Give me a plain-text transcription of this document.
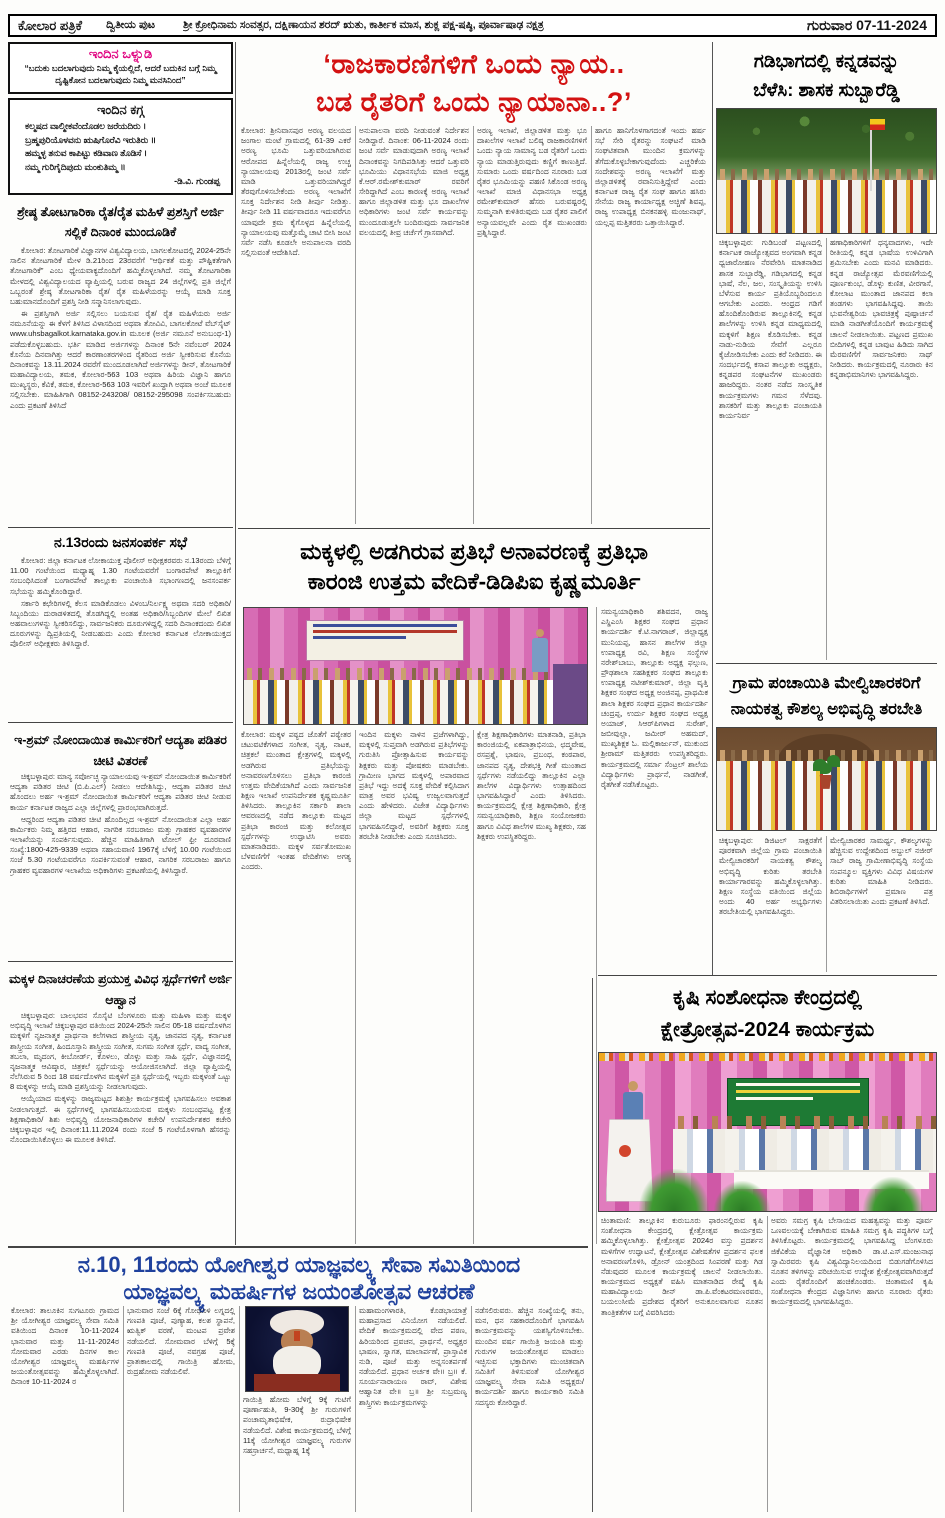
ಕೋಲಾರ ಪತ್ರಿಕೆ ದ್ವಿತೀಯ ಪುಟ	ಶ್ರೀ ಕ್ರೋಧಿನಾಮ ಸಂವತ್ಸರ, ದಕ್ಷಿಣಾಯನ ಶರದ್ ಋತು, ಕಾರ್ತೀಕ ಮಾಸ, ಶುಕ್ಲ ಪಕ್ಷ-ಷಷ್ಠಿ, ಪೂರ್ವಾಷಾಢ ನಕ್ಷತ್ರ	ಗುರುವಾರ 07-11-2024
ಇಂದಿನ ಒಳ್ನುಡಿ
“ಬದುಕು ಬದಲಾಗುವುದು ನಿಮ್ಮ ಕೈಯಲ್ಲಿದೆ, ಆದರೆ ಬದುಕಿನ ಬಗ್ಗೆ ನಿಮ್ಮ ದೃಷ್ಟಿಕೋನ ಬದಲಾಗುವುದು ನಿಮ್ಮ ಮನಸಿನಿಂದ”
ಇಂದಿನ ಕಗ್ಗ
ಕಲ್ಮಷದ ವಾಲ್ಮೀಕವೆಂದೊಡಲ ಜರೆಯದಿರು ।
ಬ್ರಹ್ಮಪುರಿಯೊಳವನು ಋಷಿಗೊರೆವಿ ಇರುತಿರು ॥
ಹಮ್ಮಳ್ಳ ತನುವ ಕಾಪಿಟ್ಟು ಕಡಿವಾಣ ತೊಡಿಸೆ ।
ನಮ್ಮ ಗುರಿಗೈದಿಪುದು ಮಂಕುತಿಮ್ಮ ॥
-ಡಿ.ವಿ. ಗುಂಡಪ್ಪ
ಶ್ರೇಷ್ಠ ತೋಟಗಾರಿಕಾ ರೈತ/ರೈತ ಮಹಿಳೆ ಪ್ರಶಸ್ತಿಗೆ ಅರ್ಜಿ ಸಲ್ಲಿಕೆ ದಿನಾಂಕ ಮುಂದೂಡಿಕೆ

ಕೋಲಾರ: ತೋಟಗಾರಿಕೆ ವಿಜ್ಞಾನಗಳ ವಿಶ್ವವಿದ್ಯಾಲಯ, ಬಾಗಲಕೋಟದಲ್ಲಿ 2024-25ನೇ ಸಾಲಿನ ತೋಟಗಾರಿಕೆ ಮೇಳ ಡಿ.21ರಿಂದ 23ರವರೆಗೆ “ಆರ್ಥಿಕತೆ ಮತ್ತು ಪೌಷ್ಟಿಕತೆಗಾಗಿ ತೋಟಗಾರಿಕೆ” ಎಂಬ ಧ್ಯೇಯವಾಕ್ಯದೊಂದಿಗೆ ಹಮ್ಮಿಕೊಳ್ಳಲಾಗಿದೆ. ನಮ್ಮ ತೋಟಗಾರಿಕಾ ಮೇಳದಲ್ಲಿ ವಿಶ್ವವಿದ್ಯಾಲಯದ ವ್ಯಾಪ್ತಿಯಲ್ಲಿ ಬರುವ ರಾಜ್ಯದ 24 ಜಿಲ್ಲೆಗಳಲ್ಲಿ ಪ್ರತಿ ಜಿಲ್ಲೆಗೆ ಒಬ್ಬರಂತೆ ಶ್ರೇಷ್ಠ ತೋಟಗಾರಿಕಾ ರೈತ/ ರೈತ ಮಹಿಳೆಯರನ್ನು ಆಯ್ಕೆ ಮಾಡಿ ಸೂಕ್ತ ಬಹುಮಾನದೊಂದಿಗೆ ಪ್ರಶಸ್ತಿ ನೀಡಿ ಸನ್ಮಾನಿಸಲಾಗುವುದು.

ಈ ಪ್ರಶಸ್ತಿಗಾಗಿ ಅರ್ಜಿ ಸಲ್ಲಿಸಲು ಬಯಸುವ ರೈತ/ ರೈತ ಮಹಿಳೆಯರು ಅರ್ಜಿ ನಮೂನೆಯನ್ನು ಈ ಕೆಳಗೆ ತಿಳಿಸಿದ ವಿಳಾಸದಿಂದ ಅಥವಾ ತೋವಿವಿ, ಬಾಗಲಕೋಟೆ ವೆಬ್‌ಸೈಟ್ www.uhsbagalkot.karnataka.gov.in ಮೂಲಕ (ಅರ್ಜಿ ನಮೂನೆ ಅನುಬಂಧ-1) ಪಡೆದುಕೊಳ್ಳಬಹುದು. ಭರ್ತಿ ಮಾಡಿದ ಅರ್ಜಿಗಳನ್ನು ದಿನಾಂಕ 5ನೇ ನವೆಂಬರ್ 2024 ಕೊನೆಯ ದಿನವಾಗಿತ್ತು ಆದರೆ ಕಾರಣಾಂತರಗಳಿಂದ ರೈತರಿಂದ ಅರ್ಜಿ ಸ್ವೀಕರಿಸುವ ಕೊನೆಯ ದಿನಾಂಕವನ್ನು 13.11.2024 ರವರೆಗೆ ಮುಂದೂಡಲಾಗಿದೆ ಅರ್ಜಿಗಳನ್ನು ಡೀನ್, ತೋಟಗಾರಿಕೆ ಮಹಾವಿದ್ಯಾಲಯ, ತಮಕ, ಕೋಲಾರ-563 103 ಅಥವಾ ಹಿರಿಯ ವಿಜ್ಞಾನಿ ಹಾಗೂ ಮುಖ್ಯಸ್ಥರು, ಕೆವಿಕೆ, ತಮಕ, ಕೋಲಾರ-563 103 ಇವರಿಗೆ ಖುದ್ದಾಗಿ ಅಥವಾ ಅಂಚೆ ಮೂಲಕ ಸಲ್ಲಿಸಬೇಕು. ಮಾಹಿತಿಗಾಗಿ 08152-243208/ 08152-295098 ಸಂಪರ್ಕಿಸಬಹುದು ಎಂದು ಪ್ರಕಟಣೆ ತಿಳಿಸಿದೆ

ನ.13ರಂದು ಜನಸಂಪರ್ಕ ಸಭೆ

ಕೋಲಾರ: ಜಿಲ್ಲಾ ಕರ್ನಾಟಕ ಲೋಕಾಯುಕ್ತ ಪೊಲೀಸ್ ಅಧೀಕ್ಷಕರವರು ನ.13ರಂದು ಬೆಳಿಗ್ಗೆ 11.00 ಗಂಟೆಯಿಂದ ಮಧ್ಯಾಹ್ನ 1.30 ಗಂಟೆಯವರೆಗೆ ಬಂಗಾರಪೇಟೆ ತಾಲ್ಲೂಕಿಗೆ ಸಂಬಂಧಿಸಿದಂತೆ ಬಂಗಾರಪೇಟೆ ತಾಲ್ಲೂಕು ಪಂಚಾಯಿತಿ ಸಭಾಂಗಣದಲ್ಲಿ ಜನಸಂಪರ್ಕ ಸಭೆಯನ್ನು ಹಮ್ಮಿಕೊಂಡಿದ್ದಾರೆ.

ಸರ್ಕಾರಿ ಕಛೇರಿಗಳಲ್ಲಿ ಕೆಲಸ ಮಾಡಿಕೊಡಲು ವಿಳಂಬ/ನಿರ್ಲಕ್ಷ್ಯ ಅಥವಾ ಸದರಿ ಅಧಿಕಾರಿ/ಸಿಬ್ಬಂದಿಯು ದುರಾಡಳಿತದಲ್ಲಿ ತೊಡಗಿದ್ದಲ್ಲಿ ಅಂತಹ ಅಧಿಕಾರಿ/ಸಿಬ್ಬಂದಿಗಳ ಮೇಲೆ ಲಿಖಿತ ಅಹವಾಲುಗಳನ್ನು ಸ್ವೀಕರಿಸಲಿದ್ದು, ಸಾರ್ವಜನಿಕರು ದೂರುಗಳಿದ್ದಲ್ಲಿ ಸದರಿ ದಿನಾಂಕದಂದು ಲಿಖಿತ ದೂರುಗಳನ್ನು ದ್ವಿಪ್ರತಿಯಲ್ಲಿ ನೀಡಬಹುದು ಎಂದು ಕೋಲಾರ ಕರ್ನಾಟಕ ಲೋಕಾಯುಕ್ತದ ಪೊಲೀಸ್ ಅಧೀಕ್ಷಕರು ತಿಳಿಸಿದ್ದಾರೆ.

ಇ-ಶ್ರಮ್ ನೋಂದಾಯಿತ ಕಾರ್ಮಿಕರಿಗೆ ಆದ್ಯತಾ ಪಡಿತರ ಚೀಟಿ ವಿತರಣೆ

ಚಿಕ್ಕಬಳ್ಳಾಪುರ: ಮಾನ್ಯ ಸರ್ವೋಚ್ಛ ನ್ಯಾಯಾಲಯವು ಇ-ಶ್ರಮ್ ನೋಂದಾಯಿತ ಕಾರ್ಮಿಕರಿಗೆ ಆದ್ಯತಾ ಪಡಿತರ ಚೀಟಿ (ಬಿ.ಪಿ.ಎಲ್) ನೀಡಲು ಆದೇಶಿಸಿದ್ದು, ಆದ್ಯತಾ ಪಡಿತರ ಚೀಟಿ ಹೊಂದಲು ಅರ್ಹ ಇ-ಶ್ರಮ್ ನೋಂದಾಯಿತ ಕಾರ್ಮಿಕರಿಗೆ ಆದ್ಯತಾ ಪಡಿತರ ಚೀಟಿ ನೀಡುವ ಕಾರ್ಯ ಕರ್ನಾಟಕ ರಾಜ್ಯದ ಎಲ್ಲಾ ಜಿಲ್ಲೆಗಳಲ್ಲಿ ಪ್ರಾರಂಭವಾಗಿರುತ್ತದೆ.

ಆದ್ದರಿಂದ ಆದ್ಯತಾ ಪಡಿತರ ಚೀಟಿ ಹೊಂದಿಲ್ಲದ ಇ-ಶ್ರಮ್ ನೋಂದಾಯಿತ ಎಲ್ಲಾ ಅರ್ಹ ಕಾರ್ಮಿಕರು ನಿಮ್ಮ ಹತ್ತಿರದ ಆಹಾರ, ನಾಗರಿಕ ಸರಬರಾಜು ಮತ್ತು ಗ್ರಾಹಕರ ವ್ಯವಹಾರಗಳ ಇಲಾಖೆಯನ್ನು ಸಂಪರ್ಕಿಸುವುದು. ಹೆಚ್ಚಿನ ಮಾಹಿತಿಗಾಗಿ ಟೋಲ್ ಫ್ರೀ ದೂರವಾಣಿ ಸಂಖ್ಯೆ:1800-425-9339 ಅಥವಾ ಸಹಾಯವಾಣಿ 1967ಕ್ಕೆ ಬೆಳಿಗ್ಗೆ 10.00 ಗಂಟೆಯಿಂದ ಸಂಜೆ 5.30 ಗಂಟೆಯವರೆಗೂ ಸಂಪರ್ಕಿಸುವಂತೆ ಆಹಾರ, ನಾಗರಿಕ ಸರಬರಾಜು ಹಾಗೂ ಗ್ರಾಹಕರ ವ್ಯವಹಾರಗಳ ಇಲಾಖೆಯ ಅಧಿಕಾರಿಗಳು ಪ್ರಕಟಣೆಯಲ್ಲಿ ತಿಳಿಸಿದ್ದಾರೆ.

ಮಕ್ಕಳ ದಿನಾಚರಣೆಯ ಪ್ರಯುಕ್ತ ವಿವಿಧ ಸ್ಪರ್ಧೆಗಳಿಗೆ ಅರ್ಜಿ ಆಹ್ವಾನ

ಚಿಕ್ಕಬಳ್ಳಾಪುರ: ಬಾಲಭವನ ಸೊಸೈಟಿ ಬೆಂಗಳೂರು ಮತ್ತು ಮಹಿಳಾ ಮತ್ತು ಮಕ್ಕಳ ಅಭಿವೃದ್ಧಿ ಇಲಾಖೆ ಚಿಕ್ಕಬಳ್ಳಾಪುರ ವತಿಯಿಂದ 2024-25ನೇ ಸಾಲಿನ 05-18 ವರ್ಷದೊಳಗಿನ ಮಕ್ಕಳಿಗೆ ನೃಜನಾತ್ಮಕ ಪ್ರಾರ್ಥನಾ ಕಲೆಗಳಾದ ಶಾಸ್ತ್ರೀಯ ನೃತ್ಯ, ಜಾನಪದ ನೃತ್ಯ, ಕರ್ನಾಟಕ ಶಾಸ್ತ್ರೀಯ ಸಂಗೀತ, ಹಿಂದೂಸ್ತಾನಿ ಶಾಸ್ತ್ರೀಯ ಸಂಗೀತ, ಸುಗಮ ಸಂಗೀತ ಸ್ಪರ್ಧೆ, ವಾದ್ಯ ಸಂಗೀತ, ತಬಲಾ, ಮೃದಂಗ, ಕೀಬೋರ್ಡ್, ಕೊಳಲು, ಡೊಳ್ಳು ಮತ್ತು ಸಾಹಿ ಸ್ಪರ್ಧೆ, ವಿಜ್ಞಾನದಲ್ಲಿ ನೃಜನಾತ್ಮಕ ಆವಿಷ್ಕಾರ, ಚಿತ್ರಕಲೆ ಸ್ಪರ್ಧೆಯನ್ನು ಆಯೋಜಿಸಲಾಗಿದೆ. ಜಿಲ್ಲಾ ವ್ಯಾಪ್ತಿಯಲ್ಲಿ ನೆಲೆಸಿರುವ 5 ರಿಂದ 18 ವರ್ಷದೊಳಗಿನ ಮಕ್ಕಳಿಗೆ ಪ್ರತಿ ಸ್ಪರ್ಧೆಯಲ್ಲಿ ಇಬ್ಬರು ಮಕ್ಕಳಂತೆ ಒಟ್ಟು 8 ಮಕ್ಕಳನ್ನು ಆಯ್ಕೆ ಮಾಡಿ ಪ್ರಶಸ್ತಿಯನ್ನು ನೀಡಲಾಗುವುದು.

ಆಯ್ಕೆಯಾದ ಮಕ್ಕಳನ್ನು ರಾಜ್ಯಮಟ್ಟದ ಶಿಶುಶ್ರೀ ಕಾರ್ಯಕ್ರಮಕ್ಕೆ ಭಾಗವಹಿಸಲು ಅವಕಾಶ ನೀಡಲಾಗುತ್ತದೆ. ಈ ಸ್ಪರ್ಧೆಗಳಲ್ಲಿ ಭಾಗವಹಿಸಬಯಸುವ ಮಕ್ಕಳು ಸಂಬಂಧಪಟ್ಟ ಕ್ಷೇತ್ರ ಶಿಕ್ಷಣಾಧಿಕಾರಿ/ ಶಿಶು ಅಭಿವೃದ್ಧಿ ಯೋಜನಾಧಿಕಾರಿಗಳ ಕಚೇರಿ/ ಉಪನಿರ್ದೇಶಕರ ಕಚೇರಿ ಚಿಕ್ಕಬಳ್ಳಾಪುರ ಇಲ್ಲಿ ದಿನಾಂಕ:11.11.2024 ರಂದು ಸಂಜೆ 5 ಗಂಟೆಯೊಳಗಾಗಿ ಹೆಸರನ್ನು ನೊಂದಾಯಿಸಿಕೊಳ್ಳಲು ಈ ಮೂಲಕ ತಿಳಿಸಿದೆ.

‘ರಾಜಕಾರಣಿಗಳಿಗೆ ಒಂದು ನ್ಯಾಯ..
ಬಡ ರೈತರಿಗೆ ಒಂದು ನ್ಯಾಯಾನಾ..?’
ಕೋಲಾರ: ಶ್ರೀನಿವಾಸಪುರ ಅರಣ್ಯ ವಲಯದ ಜಂಗಾಲ ಮಂಟೆ ಗ್ರಾಮದಲ್ಲಿ 61-39 ಎಕರೆ ಅರಣ್ಯ ಭೂಮಿ ಒತ್ತುವರಿಯಾಗಿರುವ ಆರೋಪದ ಹಿನ್ನೆಲೆಯಲ್ಲಿ ರಾಜ್ಯ ಉಚ್ಚ ನ್ಯಾಯಾಲಯವು 2013ರಲ್ಲಿ ಜಂಟಿ ಸರ್ವೆ ಮಾಡಿ ಒತ್ತುವರಿಯಾಗಿದ್ದರೆ ತೆರವುಗೊಳಿಸಬೇಕೆಂದು ಅರಣ್ಯ ಇಲಾಖೆಗೆ ಸೂಕ್ತ ನಿರ್ದೇಶನ ನೀಡಿ ತೀರ್ಪು ನೀಡಿತ್ತು. ತೀರ್ಪು ನೀಡಿ 11 ವರ್ಷವಾದರೂ ಇದುವರೆಗೂ ಯಾವುದೇ ಕ್ರಮ ಕೈಗೊಳ್ಳದ ಹಿನ್ನೆಲೆಯಲ್ಲಿ ನ್ಯಾಯಾಲಯವು ಮತ್ತೊಮ್ಮೆ ಚಾಟಿ ಬೀಸಿ ಜಂಟಿ ಸರ್ವೆ ನಡೆಸಿ ಕೂಡಲೇ ಅನುಪಾಲನಾ ವರದಿ ಸಲ್ಲಿಸುವಂತೆ ಆದೇಶಿಸಿದೆ.
ಅನುಪಾಲನಾ ವರದಿ ನೀಡುವಂತೆ ನಿರ್ದೇಶನ ನೀಡಿದ್ದಾರೆ. ದಿನಾಂಕ: 06-11-2024 ರಂದು ಜಂಟಿ ಸರ್ವೆ ಮಾಡುವುದಾಗಿ ಅರಣ್ಯ ಇಲಾಖೆ ದಿನಾಂಕವನ್ನು ನಿಗದಿಪಡಿಸಿತ್ತು ಆದರೆ ಒತ್ತುವರಿ ಭೂಮಿಯು ವಿಧಾನಸಭೆಯ ಮಾಜಿ ಅಧ್ಯಕ್ಷ ಕೆ.ಆರ್.ರಮೇಶ್‌ಕುಮಾರ್ ರವರಿಗೆ ಸೇರಿದ್ದಾಗಿದೆ ಎಂಬ ಕಾರಣಕ್ಕೆ ಅರಣ್ಯ ಇಲಾಖೆ ಹಾಗೂ ಜಿಲ್ಲಾಡಳಿತ ಮತ್ತು ಭೂ ದಾಖಲೆಗಳ ಅಧಿಕಾರಿಗಳು ಜಂಟಿ ಸರ್ವೆ ಕಾರ್ಯವನ್ನು ಮುಂದೂಡುತ್ತಲೇ ಬಂದಿರುವುದು ಸಾರ್ವಜನಿಕ ವಲಯದಲ್ಲಿ ತೀವ್ರ ಚರ್ಚೆಗೆ ಗ್ರಾಸವಾಗಿದೆ.
ಅರಣ್ಯ ಇಲಾಖೆ, ಜಿಲ್ಲಾಡಳಿತ ಮತ್ತು ಭೂ ದಾಖಲೆಗಳ ಇಲಾಖೆ ಬಲಿಷ್ಠ ರಾಜಕಾರಣಿಗಳಿಗೆ ಒಂದು ನ್ಯಾಯ ಸಾಮಾನ್ಯ ಬಡ ರೈತರಿಗೆ ಒಂದು ನ್ಯಾಯ ಮಾಡುತ್ತಿರುವುದು ಕಣ್ಣಿಗೆ ಕಾಣುತ್ತಿದೆ. ಸುಮಾರು ಒಂದು ವರ್ಷದಿಂದ ನೂರಾರು ಬಡ ರೈತರ ಭೂಮಿಯನ್ನು ಪಹಣಿ ಸಿಕೊಂಡ ಅರಣ್ಯ ಇಲಾಖೆ ಮಾಜಿ ವಿಧಾನಸಭಾ ಅಧ್ಯಕ್ಷ ರಮೇಶ್‌ಕುಮಾರ್ ಹೆಸರು ಬರುವಷ್ಟರಲ್ಲಿ ಸುಮ್ಮನಾಗಿ ಕುಳಿತಿರುವುದು ಬಡ ರೈತರ ಪಾಲಿಗೆ ಅನ್ಯಾಯವಲ್ಲವೇ ಎಂದು ರೈತ ಮುಖಂಡರು ಪ್ರಶ್ನಿಸಿದ್ದಾರೆ.
ಹಾಗೂ ಹಾನಿಗೊಳಗಾಗದಂತೆ ಇಂದು ಹರ್ಷ ಸಭೆ ಸೇರಿ ರೈತರನ್ನು ಸಂಘಟನೆ ಮಾಡಿ ಸಂಘಟಿತವಾಗಿ ಮುಂದಿನ ಕ್ರಮಗಳನ್ನು ತೆಗೆದುಕೊಳ್ಳಬೇಕಾಗುವುದೆಂದು ಎಚ್ಚರಿಕೆಯ ಸಂದೇಶವನ್ನು ಅರಣ್ಯ ಇಲಾಖೆಗೆ ಮತ್ತು ಜಿಲ್ಲಾಡಳಿತಕ್ಕೆ ರವಾನಿಸುತ್ತಿದ್ದೇವೆ ಎಂದು ಕರ್ನಾಟಕ ರಾಜ್ಯ ರೈತ ಸಂಘ ಹಾಗೂ ಹಸಿರು ಸೇನೆಯ ರಾಜ್ಯ ಕಾರ್ಯಾಧ್ಯಕ್ಷ ಅಚ್ಚಿಣೆ ಶಿವಪ್ಪ, ರಾಜ್ಯ ಉಪಾಧ್ಯಕ್ಷ ಬಿನಕನಹಳ್ಳಿ ಮಂಜುನಾಥ್, ಯಲ್ಲಪ್ಪ ಮತ್ತಿತರರು ಒತ್ತಾಯಿಸಿದ್ದಾರೆ.
ಮಕ್ಕಳಲ್ಲಿ ಅಡಗಿರುವ ಪ್ರತಿಭೆ ಅನಾವರಣಕ್ಕೆ ಪ್ರತಿಭಾ
ಕಾರಂಜಿ ಉತ್ತಮ ವೇದಿಕೆ-ಡಿಡಿಪಿಐ ಕೃಷ್ಣಮೂರ್ತಿ
ಸಮನ್ವಯಾಧಿಕಾರಿ ಶಶಿವದನ, ರಾಜ್ಯ ಎಸ್ಡಿಎಂಸಿ ಶಿಕ್ಷಕರ ಸಂಘದ ಪ್ರಧಾನ ಕಾರ್ಯದರ್ಶಿ ಕೆ.ಟಿ.ನಾಗರಾಜ್, ಜಿಲ್ಲಾಧ್ಯಕ್ಷ ಮುನಿಯಪ್ಪ, ಹಾಸನ ಶಾಲೆಗಳ ಜಿಲ್ಲಾ ಉಪಾಧ್ಯಕ್ಷ ರವಿ, ಶಿಕ್ಷಣ ಸಂಸ್ಥೆಗಳ ನರೇಶ್‌ಬಾಬು, ತಾಲ್ಲೂಕು ಅಧ್ಯಕ್ಷ ಫಲ್ಗುಣ, ಪ್ರೌಢಶಾಲಾ ಸಹಶಿಕ್ಷಕರ ಸಂಘದ ತಾಲ್ಲೂಕು ಉಪಾಧ್ಯಕ್ಷ ನಟೀಶ್‌ಕುಮಾರ್, ಜಿಲ್ಲಾ ವೃತ್ತಿ ಶಿಕ್ಷಕರ ಸಂಘದ ಅಧ್ಯಕ್ಷ ಅಂಜಿನಪ್ಪ, ಪ್ರಾಥಮಿಕ ಶಾಲಾ ಶಿಕ್ಷಕರ ಸಂಘದ ಪ್ರಧಾನ ಕಾರ್ಯದರ್ಶಿ ಚಂದ್ರಪ್ಪ, ಉರ್ದು ಶಿಕ್ಷಕರ ಸಂಘದ ಅಧ್ಯಕ್ಷ ಅಯಾಜ್, ಸಿಆರ್‌ಪಿಗಳಾದ ಸುರೇಶ್, ಜಬೀವುಲ್ಲಾ, ಜಮೀರ್ ಅಹಮದ್, ಮುಖ್ಯಶಿಕ್ಷಕ ಓ. ಮಲ್ಲಿಕಾರ್ಜುನ್, ಮುಕುಂದ ಶ್ರೀರಾಮ್ ಮತ್ತಿತರರು ಉಪಸ್ಥಿತರಿದ್ದರು. ಕಾರ್ಯಕ್ರಮದಲ್ಲಿ ಸರ್ಮಾ ಸೆಂಟ್ರಲ್ ಶಾಲೆಯ ವಿದ್ಯಾರ್ಥಿಗಳು ಪ್ರಾರ್ಥನೆ, ನಾಡಗೀತೆ, ರೈತಗೀತೆ ನಡೆಸಿಕೊಟ್ಟರು.
ಕೋಲಾರ: ಮಕ್ಕಳ ಪಠ್ಯದ ಜೊತೆಗೆ ಪಠ್ಯೇತರ ಚಟುವಟಿಕೆಗಳಾದ ಸಂಗೀತ, ನೃತ್ಯ, ನಾಟಕ, ಚಿತ್ರಕಲೆ ಮುಂತಾದ ಕ್ಷೇತ್ರಗಳಲ್ಲಿ ಮಕ್ಕಳಲ್ಲಿ ಅಡಗಿರುವ ಪ್ರತಿಭೆಯನ್ನು ಅನಾವರಣಗೊಳಿಸಲು ಪ್ರತಿಭಾ ಕಾರಂಜಿ ಉತ್ತಮ ವೇದಿಕೆಯಾಗಿದೆ ಎಂದು ಸಾರ್ವಜನಿಕ ಶಿಕ್ಷಣ ಇಲಾಖೆ ಉಪನಿರ್ದೇಶಕ ಕೃಷ್ಣಮೂರ್ತಿ ತಿಳಿಸಿದರು. ತಾಲ್ಲೂಕಿನ ಸರ್ಕಾರಿ ಶಾಲಾ ಆವರಣದಲ್ಲಿ ನಡೆದ ತಾಲ್ಲೂಕು ಮಟ್ಟದ ಪ್ರತಿಭಾ ಕಾರಂಜಿ ಮತ್ತು ಕಲೋತ್ಸವ ಸ್ಪರ್ಧೆಗಳನ್ನು ಉದ್ಘಾಟಿಸಿ ಅವರು ಮಾತನಾಡಿದರು. ಮಕ್ಕಳ ಸರ್ವತೋಮುಖ ಬೆಳವಣಿಗೆಗೆ ಇಂತಹ ವೇದಿಕೆಗಳು ಅಗತ್ಯ ಎಂದರು.
ಇಂದಿನ ಮಕ್ಕಳು ನಾಳಿನ ಪ್ರಜೆಗಳಾಗಿದ್ದು, ಮಕ್ಕಳಲ್ಲಿ ಸುಪ್ತವಾಗಿ ಅಡಗಿರುವ ಪ್ರತಿಭೆಗಳನ್ನು ಗುರುತಿಸಿ ಪ್ರೋತ್ಸಾಹಿಸುವ ಕಾರ್ಯವನ್ನು ಶಿಕ್ಷಕರು ಮತ್ತು ಪೋಷಕರು ಮಾಡಬೇಕು. ಗ್ರಾಮೀಣ ಭಾಗದ ಮಕ್ಕಳಲ್ಲಿ ಅಪಾರವಾದ ಪ್ರತಿಭೆ ಇದ್ದು ಅದಕ್ಕೆ ಸೂಕ್ತ ವೇದಿಕೆ ಕಲ್ಪಿಸಿದಾಗ ಮಾತ್ರ ಅವರ ಭವಿಷ್ಯ ಉಜ್ವಲವಾಗುತ್ತದೆ ಎಂದು ಹೇಳಿದರು. ವಿಜೇತ ವಿದ್ಯಾರ್ಥಿಗಳು ಜಿಲ್ಲಾ ಮಟ್ಟದ ಸ್ಪರ್ಧೆಗಳಲ್ಲಿ ಭಾಗವಹಿಸಲಿದ್ದಾರೆ, ಅವರಿಗೆ ಶಿಕ್ಷಕರು ಸೂಕ್ತ ತರಬೇತಿ ನೀಡಬೇಕು ಎಂದು ಸೂಚಿಸಿದರು.
ಕ್ಷೇತ್ರ ಶಿಕ್ಷಣಾಧಿಕಾರಿಗಳು ಮಾತನಾಡಿ, ಪ್ರತಿಭಾ ಕಾರಂಜಿಯಲ್ಲಿ ಏಕಪಾತ್ರಾಭಿನಯ, ಛದ್ಮವೇಷ, ರಸಪ್ರಶ್ನೆ, ಭಾಷಣ, ಪ್ರಬಂಧ, ಕಂಠಪಾಠ, ಜಾನಪದ ನೃತ್ಯ, ದೇಶಭಕ್ತಿ ಗೀತೆ ಮುಂತಾದ ಸ್ಪರ್ಧೆಗಳು ನಡೆಯಲಿದ್ದು ತಾಲ್ಲೂಕಿನ ಎಲ್ಲಾ ಶಾಲೆಗಳ ವಿದ್ಯಾರ್ಥಿಗಳು ಉತ್ಸಾಹದಿಂದ ಭಾಗವಹಿಸಿದ್ದಾರೆ ಎಂದು ತಿಳಿಸಿದರು. ಕಾರ್ಯಕ್ರಮದಲ್ಲಿ ಕ್ಷೇತ್ರ ಶಿಕ್ಷಣಾಧಿಕಾರಿ, ಕ್ಷೇತ್ರ ಸಮನ್ವಯಾಧಿಕಾರಿ, ಶಿಕ್ಷಣ ಸಂಯೋಜಕರು ಹಾಗೂ ವಿವಿಧ ಶಾಲೆಗಳ ಮುಖ್ಯ ಶಿಕ್ಷಕರು, ಸಹ ಶಿಕ್ಷಕರು ಉಪಸ್ಥಿತರಿದ್ದರು.
ನ.10, 11ರಂದು ಯೋಗೀಶ್ವರ ಯಾಜ್ಞವಲ್ಕ್ಯ ಸೇವಾ ಸಮಿತಿಯಿಂದ
ಯಾಜ್ಞವಲ್ಕ್ಯ ಮಹರ್ಷಿಗಳ ಜಯಂತೋತ್ಸವ ಆಚರಣೆ
ಕೋಲಾರ: ತಾಲೂಕಿನ ಸುಗಟೂರು ಗ್ರಾಮದ ಶ್ರೀ ಯೋಗೀಶ್ವರ ಯಾಜ್ಞವಲ್ಕ್ಯ ಸೇವಾ ಸಮಿತಿ ವತಿಯಿಂದ ದಿನಾಂಕ 10-11-2024 ಭಾನುವಾರ ಮತ್ತು 11-11-2024ರ ಸೋಮವಾರ ಎರಡು ದಿನಗಳ ಕಾಲ ಯೋಗೀಶ್ವರ ಯಾಜ್ಞವಲ್ಕ್ಯ ಮಹರ್ಷಿಗಳ ಜಯಂತೋತ್ಸವವನ್ನು ಹಮ್ಮಿಕೊಳ್ಳಲಾಗಿದೆ. ದಿನಾಂಕ 10-11-2024 ರ
ಭಾನುವಾರ ಸಂಜೆ 6ಕ್ಕೆ ಗೋಧೂಳಿ ಲಗ್ನದಲ್ಲಿ ಗಣಪತಿ ಪೂಜೆ, ಪುಣ್ಯಾಹ, ಕಲಶ ಸ್ಥಾಪನೆ, ಋತ್ವಿಕ್ ವರಣೆ, ಮಂಟಪ ಪ್ರವೇಶ ನಡೆಯಲಿದೆ. ಸೋಮವಾರ ಬೆಳಿಗ್ಗೆ 5ಕ್ಕೆ ಗಣಪತಿ ಪೂಜೆ, ನವಗ್ರಹ ಪೂಜೆ, ಪ್ರಾತಃಕಾಲದಲ್ಲಿ ಗಾಯಿತ್ರಿ ಹೋಮ, ರುದ್ರಹೋಮ ನಡೆಯಲಿವೆ.
ಗಾಯಿತ್ರಿ ಹೋಮ ಬೆಳಿಗ್ಗೆ 9ಕ್ಕೆ ಗುಟಿಗೆ ಪೂರ್ಣಾಹುತಿ, 9-30ಕ್ಕೆ ಶ್ರೀ ಗುರುಗಳಿಗೆ ಪಂಚಾಮೃತಾಭಿಷೇಕ, ರುದ್ರಾಭಿಷೇಕ ನಡೆಯಲಿದೆ. ವಿಶೇಷ ಕಾರ್ಯಕ್ರಮದಲ್ಲಿ ಬೆಳಿಗ್ಗೆ 11ಕ್ಕೆ ಯೋಗೀಶ್ವರ ಯಾಜ್ಞವಲ್ಕ್ಯ ಗುರುಗಳ ಸಹಸ್ರಾರ್ಚನೆ, ಮಧ್ಯಾಹ್ನ 1ಕ್ಕೆ
ಮಹಾಮಂಗಳಾರತಿ, ಕೊಡಭಾಯಾತ್ರೆ ಮಹಾಪ್ರಸಾದ ವಿನಿಯೋಗ ನಡೆಯಲಿದೆ. ವೇದಿಕೆ ಕಾರ್ಯಕ್ರಮದಲ್ಲಿ ವೇದ ಪಠಣ, ಹಿರಿಯರಿಂದ ಪ್ರವಚನ, ಪ್ರಾರ್ಥನೆ, ಅಧ್ಯಕ್ಷರ ಭಾಷಣ, ಸ್ವಾಗತ, ಮಾಲಾರ್ಪಣೆ, ಪ್ರಾಸ್ತಾವಿಕ ನುಡಿ, ಪೂಜೆ ಮತ್ತು ಅನ್ನಸಂತರ್ಪಣೆ ನಡೆಯಲಿದೆ. ಪ್ರಧಾನ ಅರ್ಚಕ ವೇ॥ ಬ್ರ॥ ಕೆ. ಸೂರ್ಯನಾರಾಯಣ ರಾವ್, ವಿಶೇಷ ಆಹ್ವಾನಿತ ವೇ॥ ಬ್ರ॥ ಶ್ರೀ ಸುಬ್ರಮಣ್ಯ ಶಾಸ್ತ್ರಿಗಳು ಕಾರ್ಯಕ್ರಮಗಳನ್ನು
ನಡೆಸಲಿರುವರು. ಹೆಚ್ಚಿನ ಸಂಖ್ಯೆಯಲ್ಲಿ ತನು, ಮನ, ಧನ ಸಹಕಾರದೊಂದಿಗೆ ಭಾಗವಹಿಸಿ ಕಾರ್ಯಕ್ರಮವನ್ನು ಯಶಸ್ವಿಗೊಳಿಸಬೇಕು. ಮುಂದಿನ ವರ್ಷ ಗಾಯಿತ್ರಿ ಜಯಂತಿ ಮತ್ತು ಗುರುಗಳ ಜಯಂತೋತ್ಸವ ಮಾಡಲು ಇಚ್ಛ‍ಿಸುವ ಭಕ್ತಾದಿಗಳು ಮುಂಚಿತವಾಗಿ ಸಮಿತಿಗೆ ತಿಳಿಸುವಂತೆ ಯೋಗೀಶ್ವರ ಯಾಜ್ಞವಲ್ಕ್ಯ ಸೇವಾ ಸಮಿತಿ ಅಧ್ಯಕ್ಷರು/ಕಾರ್ಯದರ್ಶಿ ಹಾಗೂ ಕಾರ್ಯಕಾರಿ ಸಮಿತಿ ಸದಸ್ಯರು ಕೋರಿದ್ದಾರೆ.
ಗಡಿಭಾಗದಲ್ಲಿ ಕನ್ನಡವನ್ನು
ಬೆಳೆಸಿ: ಶಾಸಕ ಸುಬ್ಬಾರೆಡ್ಡಿ
ಚಿಕ್ಕಬಳ್ಳಾಪುರ: ಗುಡಿಬಂಡೆ ಪಟ್ಟಣದಲ್ಲಿ ಕರ್ನಾಟಕ ರಾಜ್ಯೋತ್ಸವದ ಅಂಗವಾಗಿ ಕನ್ನಡ ಧ್ವಜಾರೋಹಣ ನೆರವೇರಿಸಿ ಮಾತನಾಡಿದ ಶಾಸಕ ಸುಬ್ಬಾರೆಡ್ಡಿ, ಗಡಿಭಾಗದಲ್ಲಿ ಕನ್ನಡ ಭಾಷೆ, ನೆಲ, ಜಲ, ಸಂಸ್ಕೃತಿಯನ್ನು ಉಳಿಸಿ ಬೆಳೆಸುವ ಕಾರ್ಯ ಪ್ರತಿಯೊಬ್ಬರಿಂದಲೂ ಆಗಬೇಕು ಎಂದರು. ಆಂಧ್ರದ ಗಡಿಗೆ ಹೊಂದಿಕೊಂಡಿರುವ ತಾಲ್ಲೂಕಿನಲ್ಲಿ ಕನ್ನಡ ಶಾಲೆಗಳನ್ನು ಉಳಿಸಿ ಕನ್ನಡ ಮಾಧ್ಯಮದಲ್ಲಿ ಮಕ್ಕಳಿಗೆ ಶಿಕ್ಷಣ ಕೊಡಿಸಬೇಕು. ಕನ್ನಡ ನಾಡು-ನುಡಿಯ ಸೇವೆಗೆ ಎಲ್ಲರೂ ಕೈಜೋಡಿಸಬೇಕು ಎಂದು ಕರೆ ನೀಡಿದರು. ಈ ಸಂದರ್ಭದಲ್ಲಿ ಕಸಾಪ ತಾಲ್ಲೂಕು ಅಧ್ಯಕ್ಷರು, ಕನ್ನಡಪರ ಸಂಘಟನೆಗಳ ಮುಖಂಡರು ಹಾಜರಿದ್ದರು. ನಂತರ ನಡೆದ ಸಾಂಸ್ಕೃತಿಕ ಕಾರ್ಯಕ್ರಮಗಳು ಗಮನ ಸೆಳೆದವು. ಶಾಸಕರಿಗೆ ಮತ್ತು ತಾಲ್ಲೂಕು ಪಂಚಾಯತಿ ಕಾರ್ಯನಿರ್ವ
ಹಣಾಧಿಕಾರಿಗಳಿಗೆ ಧನ್ಯವಾದಗಳು, ಇದೇ ರೀತಿಯಲ್ಲಿ ಕನ್ನಡ ಭಾಷೆಯ ಉಳಿವಿಗಾಗಿ ಶ್ರಮಿಸಬೇಕು ಎಂದು ಮನವಿ ಮಾಡಿದರು. ಕನ್ನಡ ರಾಜ್ಯೋತ್ಸವ ಮೆರವಣಿಗೆಯಲ್ಲಿ ಪೂರ್ಣಕುಂಭ, ಡೊಳ್ಳು ಕುಣಿತ, ವೀರಗಾಸೆ, ಕೋಲಾಟ ಮುಂತಾದ ಜಾನಪದ ಕಲಾ ತಂಡಗಳು ಭಾಗವಹಿಸಿದ್ದವು. ತಾಯಿ ಭುವನೇಶ್ವರಿಯ ಭಾವಚಿತ್ರಕ್ಕೆ ಪುಷ್ಪಾರ್ಚನೆ ಮಾಡಿ ನಾಡಗೀತೆಯೊಂದಿಗೆ ಕಾರ್ಯಕ್ರಮಕ್ಕೆ ಚಾಲನೆ ನೀಡಲಾಯಿತು. ಪಟ್ಟಣದ ಪ್ರಮುಖ ಬೀದಿಗಳಲ್ಲಿ ಕನ್ನಡ ಬಾವುಟ ಹಿಡಿದು ಸಾಗಿದ ಮೆರವಣಿಗೆಗೆ ಸಾರ್ವಜನಿಕರು ಸಾಥ್ ನೀಡಿದರು. ಕಾರ್ಯಕ್ರಮದಲ್ಲಿ ನೂರಾರು ಕಿನ ಕನ್ನಡಾಭಿಮಾನಿಗಳು ಭಾಗವಹಿಸಿದ್ದರು.
ಗ್ರಾಮ ಪಂಚಾಯಿತಿ ಮೇಲ್ವಿಚಾರಕರಿಗೆ
ನಾಯಕತ್ವ ಕೌಶಲ್ಯ ಅಭಿವೃದ್ಧಿ ತರಬೇತಿ
ಚಿಕ್ಕಬಳ್ಳಾಪುರ: ಡಿಜಿಟಲ್ ಸಾಕ್ಷರತೆಗೆ ಪೂರಕವಾಗಿ ಜಿಲ್ಲೆಯ ಗ್ರಾಮ ಪಂಚಾಯಿತಿ ಮೇಲ್ವಿಚಾರಕರಿಗೆ ನಾಯಕತ್ವ ಕೌಶಲ್ಯ ಅಭಿವೃದ್ಧಿ ಕುರಿತು ತರಬೇತಿ ಕಾರ್ಯಾಗಾರವನ್ನು ಹಮ್ಮಿಕೊಳ್ಳಲಾಗಿತ್ತು. ಶಿಕ್ಷಣ ಸಂಸ್ಥೆಯ ವತಿಯಿಂದ ಜಿಲ್ಲೆಯ ಅಂದು 40 ಅರ್ಹ ಅಭ್ಯರ್ಥಿಗಳು ತರಬೇತಿಯಲ್ಲಿ ಭಾಗವಹಿಸಿದ್ದರು.
ಮೇಲ್ವಿಚಾರಕರ ಸಾಮರ್ಥ್ಯ, ಕೌಶಲ್ಯಗಳನ್ನು ಹೆಚ್ಚಿಸುವ ಉದ್ದೇಶದಿಂದ ಅಬ್ದುಲ್ ನಜೀರ್ ಸಾಬ್ ರಾಜ್ಯ ಗ್ರಾಮೀಣಾಭಿವೃದ್ಧಿ ಸಂಸ್ಥೆಯ ಸಂಪನ್ಮೂಲ ವ್ಯಕ್ತಿಗಳು ವಿವಿಧ ವಿಷಯಗಳ ಕುರಿತು ಮಾಹಿತಿ ನೀಡಿದರು. ಶಿಬಿರಾರ್ಥಿಗಳಿಗೆ ಪ್ರಮಾಣ ಪತ್ರ ವಿತರಿಸಲಾಯಿತು ಎಂದು ಪ್ರಕಟಣೆ ತಿಳಿಸಿದೆ.
ಕೃಷಿ ಸಂಶೋಧನಾ ಕೇಂದ್ರದಲ್ಲಿ
ಕ್ಷೇತ್ರೋತ್ಸವ-2024 ಕಾರ್ಯಕ್ರಮ
ಚಿಂತಾಮಣಿ: ತಾಲ್ಲೂಕಿನ ಕುರುಬೂರು ಫಾರಂನಲ್ಲಿರುವ ಕೃಷಿ ಸಂಶೋಧನಾ ಕೇಂದ್ರದಲ್ಲಿ ಕ್ಷೇತ್ರೋತ್ಸವ ಕಾರ್ಯಕ್ರಮ ಹಮ್ಮಿಕೊಳ್ಳಲಾಗಿತ್ತು. ಕ್ಷೇತ್ರೋತ್ಸವ 2024ರ ವಸ್ತು ಪ್ರದರ್ಶನ ಮಳಿಗೆಗಳ ಉದ್ಘಾಟನೆ, ಕ್ಷೇತ್ರೋತ್ಸವ ವಿಶೇಷತೆಗಳ ಪ್ರದರ್ಶನ ಫಲಕ ಅನಾವರಣಗೊಳಿಸಿ, ಡ್ರೋನ್ ಯಂತ್ರದಿಂದ ಸಿಂಪರಣೆ ಮತ್ತು ಗಿಡ ನೆಡುವುದರ ಮೂಲಕ ಕಾರ್ಯಕ್ರಮಕ್ಕೆ ಚಾಲನೆ ನೀಡಲಾಯಿತು. ಕಾರ್ಯಕ್ರಮದ ಅಧ್ಯಕ್ಷತೆ ವಹಿಸಿ ಮಾತನಾಡಿದ ರೇಷ್ಮೆ ಕೃಷಿ ಮಹಾವಿದ್ಯಾಲಯ ಡೀನ್ ಡಾ.ಪಿ.ವೆಂಕಟರಮಣರವರು, ಬಯಲುಸೀಮೆ ಪ್ರದೇಶದ ರೈತರಿಗೆ ಅನುಕೂಲವಾಗುವ ನೂತನ ತಾಂತ್ರಿಕತೆಗಳ ಬಗ್ಗೆ ವಿವರಿಸಿದರು
ಅವರು ಸಮಗ್ರ ಕೃಷಿ ಬೇಸಾಯದ ಮಹತ್ವವನ್ನು ಮತ್ತು ಪೂರ್ವ ಒಣವಲಯಕ್ಕೆ ಬೇಕಾಗಿರುವ ಮಾಹಿತಿ ಸಮಗ್ರ ಕೃಷಿ ಪದ್ಧತಿಗಳ ಬಗ್ಗೆ ತಿಳಿಸಿಕೊಟ್ಟರು. ಕಾರ್ಯಕ್ರಮದಲ್ಲಿ ಭಾಗವಹಿಸಿದ್ದ ಬೆಂಗಳೂರು ಜಿಕೆವಿಕೆಯ ವೈಜ್ಞಾನಿಕ ಅಧಿಕಾರಿ ಡಾ.ಟಿ.ಎಸ್.ಮಂಜುನಾಥ ಸ್ವಾಮಿರವರು ಕೃಷಿ ವಿಶ್ವವಿದ್ಯಾನಿಲಯದಿಂದ ಬಿಡುಗಡೆಗೊಳಿಸಿದ ನೂತನ ತಳಿಗಳನ್ನು ಪರಿಚಯಿಸುವ ಉದ್ದೇಶ ಕ್ಷೇತ್ರೋತ್ಸವವಾಗಿರುತ್ತದೆ ಎಂದು ರೈತರೊಂದಿಗೆ ಹಂಚಿಕೊಂಡರು. ಚಿಂತಾಮಣಿ ಕೃಷಿ ಸಂಶೋಧನಾ ಕೇಂದ್ರದ ವಿಜ್ಞಾನಿಗಳು ಹಾಗೂ ನೂರಾರು ರೈತರು ಕಾರ್ಯಕ್ರಮದಲ್ಲಿ ಭಾಗವಹಿಸಿದ್ದರು.
